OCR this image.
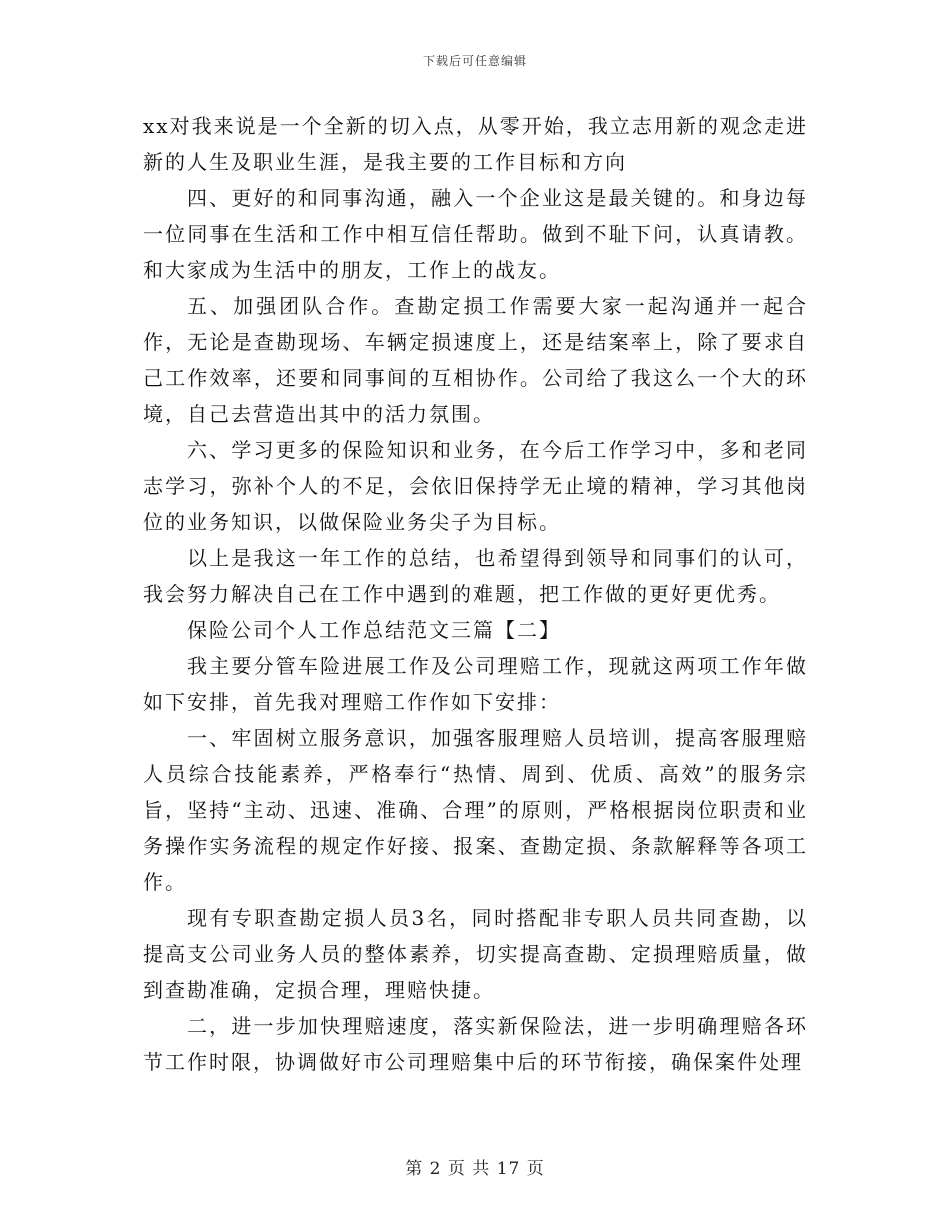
下载后可任意编辑

xx对我来说是一个全新的切入点，从零开始，我立志用新的观念走进新的人生及职业生涯，是我主要的工作目标和方向

四、更好的和同事沟通，融入一个企业这是最关键的。和身边每一位同事在生活和工作中相互信任帮助。做到不耻下问，认真请教。和大家成为生活中的朋友，工作上的战友。

五、加强团队合作。查勘定损工作需要大家一起沟通并一起合作，无论是查勘现场、车辆定损速度上，还是结案率上，除了要求自己工作效率，还要和同事间的互相协作。公司给了我这么一个大的环境，自己去营造出其中的活力氛围。

六、学习更多的保险知识和业务，在今后工作学习中，多和老同志学习，弥补个人的不足，会依旧保持学无止境的精神，学习其他岗位的业务知识，以做保险业务尖子为目标。

以上是我这一年工作的总结，也希望得到领导和同事们的认可，我会努力解决自己在工作中遇到的难题，把工作做的更好更优秀。

保险公司个人工作总结范文三篇【二】

我主要分管车险进展工作及公司理赔工作，现就这两项工作年做如下安排，首先我对理赔工作作如下安排：

一、牢固树立服务意识，加强客服理赔人员培训，提高客服理赔人员综合技能素养，严格奉行“热情、周到、优质、高效”的服务宗旨，坚持“主动、迅速、准确、合理”的原则，严格根据岗位职责和业务操作实务流程的规定作好接、报案、查勘定损、条款解释等各项工作。

现有专职查勘定损人员3名，同时搭配非专职人员共同查勘，以提高支公司业务人员的整体素养，切实提高查勘、定损理赔质量，做到查勘准确，定损合理，理赔快捷。

二，进一步加快理赔速度，落实新保险法，进一步明确理赔各环节工作时限，协调做好市公司理赔集中后的环节衔接，确保案件处理

第 2 页 共 17 页
